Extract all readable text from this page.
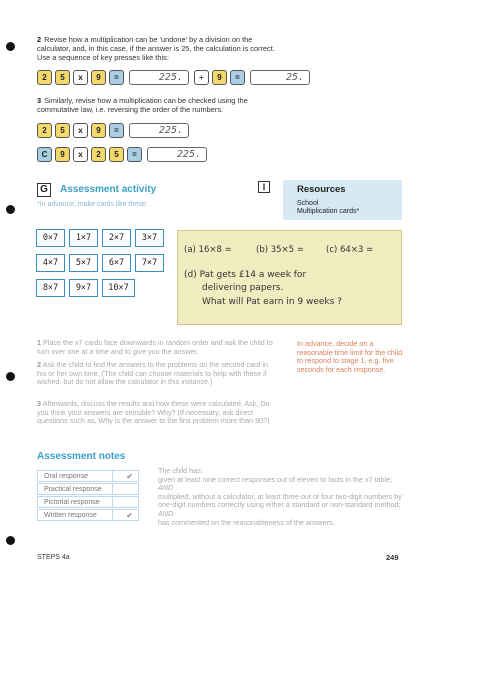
2 Revise how a multiplication can be 'undone' by a division on the calculator, and, in this case, if the answer is 25, the calculation is correct. Use a sequence of key presses like this:
2	5	x	9	=	225.	÷	9	=	25.
3 Similarly, revise how a multiplication can be checked using the commutative law, i.e. reversing the order of the numbers.
2	5	x	9	=	225.
C	9	x	2	5	=	225.
G	Assessment activity
*In advance, make cards like these:
I	Resources
School
Multiplication cards*
0×7	1×7	2×7	3×7
4×7	5×7	6×7	7×7
8×7	9×7	10×7
(a) 16×8 =	(b) 35×5 =	(c) 64×3 =
(d) Pat gets £14 a week for
delivering papers.
What will Pat earn in 9 weeks ?
1 Place the x7 cards face downwards in random order and ask the child to turn over one at a time and to give you the answer.
2 Ask the child to find the answers to the problems on the second card in his or her own time. (The child can choose materials to help with these if wished, but do not allow the calculator in this instance.)
3 Afterwards, discuss the results and how these were calculated. Ask, Do you think your answers are sensible? Why? (If necessary, ask direct questions such as, Why is the answer to the first problem more than 80?)
In advance, decide on a reasonable time limit for the child to respond to stage 1, e.g. five seconds for each response.
Assessment notes
Oral response	✔
Practical response
Pictorial response
Written response	✔
The child has:
given at least nine correct responses out of eleven to facts in the x7 table;
AND
multiplied, without a calculator, at least three out of four two-digit numbers by one-digit numbers correctly using either a standard or non-standard method;
AND
has commented on the reasonableness of the answers.
STEPS 4a	249
